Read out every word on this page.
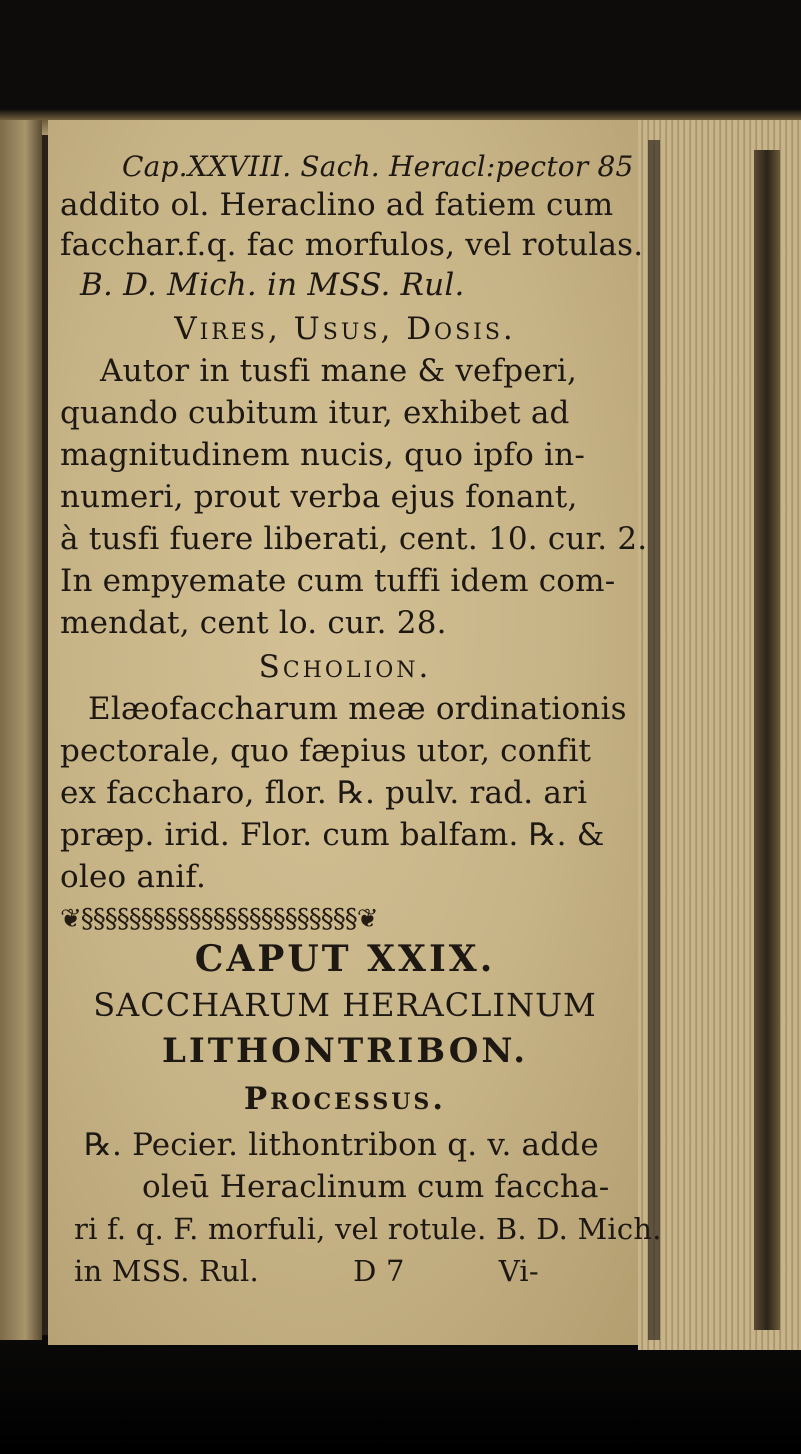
Cap.XXVIII. Sach. Heracl:pector 85
addito ol. Heraclino ad fatiem cum
facchar.f.q. fac morfulos, vel rotulas.
B. D. Mich. in MSS. Rul.
Vires, Usus, Dosis.
Autor in tusfi mane & vefperi,
quando cubitum itur, exhibet ad
magnitudinem nucis, quo ipfo in-
numeri, prout verba ejus fonant,
à tusfi fuere liberati, cent. 10. cur. 2.
In empyemate cum tuffi idem com-
mendat, cent lo. cur. 28.
Scholion.
Elæofaccharum meæ ordinationis
pectorale, quo fæpius utor, confit
ex faccharo, flor. ℞. pulv. rad. ari
præp. irid. Flor. cum balfam. ℞. &
oleo anif.
❦§§§§§§§§§§§§§§§§§§§§§§§❦
CAPUT XXIX.
SACCHARUM HERACLINUM
LITHONTRIBON.
Processus.
℞. Pecier. lithontribon q. v. adde
oleū Heraclinum cum faccha-
ri f. q. F. morfuli, vel rotule. B. D. Mich.
in MSS. Rul.          D 7          Vi-
